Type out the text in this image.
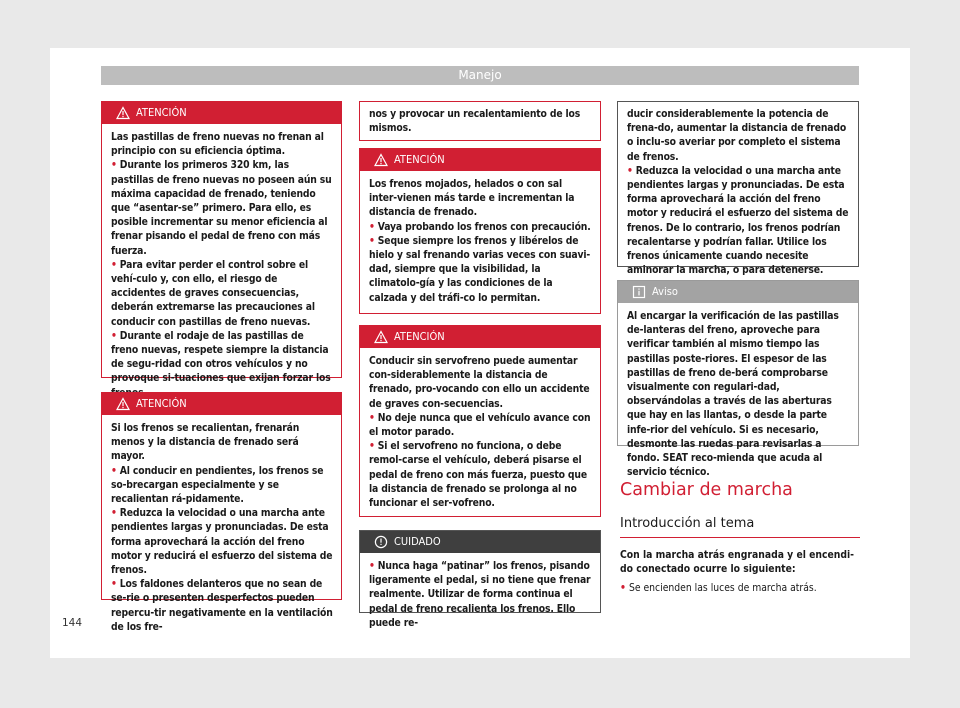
Manejo
ATENCIÓN

Las pastillas de freno nuevas no frenan al principio con su eficiencia óptima.

• Durante los primeros 320 km, las pastillas de freno nuevas no poseen aún su máxima capacidad de frenado, teniendo que “asentar-se” primero. Para ello, es posible incrementar su menor eficiencia al frenar pisando el pedal de freno con más fuerza.

• Para evitar perder el control sobre el vehí-culo y, con ello, el riesgo de accidentes de graves consecuencias, deberán extremarse las precauciones al conducir con pastillas de freno nuevas.

• Durante el rodaje de las pastillas de freno nuevas, respete siempre la distancia de segu-ridad con otros vehículos y no provoque si-tuaciones que exijan forzar los

ATENCIÓN

Si los frenos se recalientan, frenarán menos y la distancia de frenado será mayor.

• Al conducir en pendientes, los frenos se so-brecargan especialmente y se recalientan rá-pidamente.

• Reduzca la velocidad o una marcha ante pendientes largas y pronunciadas. De esta forma aprovechará la acción del freno motor y reducirá el esfuerzo del sistema de frenos.

• Los faldones delanteros que no sean de se-rie o presenten desperfectos pueden repercu-tir negativamente en la ventilación de los fre-

nos y provocar un recalentamiento de los mismos.

ATENCIÓN

Los frenos mojados, helados o con sal inter-vienen más tarde e incrementan la distancia de frenado.

• Vaya probando los frenos con precaución.

• Seque siempre los frenos y libérelos de hielo y sal frenando varias veces con suavi-dad, siempre que la visibilidad, la climatolo-gía y las condiciones de la calzada y del tráfi-co lo permitan.

ATENCIÓN

Conducir sin servofreno puede aumentar con-siderablemente la distancia de frenado, pro-vocando con ello un accidente de graves con-secuencias.

• No deje nunca que el vehículo avance con el motor parado.

• Si el servofreno no funciona, o debe remol-carse el vehículo, deberá pisarse el pedal de freno con más fuerza, puesto que la distancia de frenado se prolonga al no funcionar el ser-vofreno.

CUIDADO

• Nunca haga “patinar” los frenos, pisando ligeramente el pedal, si no tiene que frenar realmente. Utilizar de forma continua el pedal de freno recalienta los frenos. Ello puede re-

ducir considerablemente la potencia de frena-do, aumentar la distancia de frenado o inclu-so averiar por completo el sistema de frenos.

• Reduzca la velocidad o una marcha ante pendientes largas y pronunciadas. De esta forma aprovechará la acción del freno motor y reducirá el esfuerzo del sistema de frenos. De lo contrario, los frenos podrían recalentarse y podrían fallar. Utilice los frenos únicamente cuando necesite aminorar la marcha, o para detenerse.

Aviso

Al encargar la verificación de las pastillas de-lanteras del freno, aproveche para verificar también al mismo tiempo las pastillas poste-riores. El espesor de las pastillas de freno de-berá comprobarse visualmente con regulari-dad, observándolas a través de las aberturas que hay en las llantas, o desde la parte infe-rior del vehículo. Si es necesario, desmonte las ruedas para revisarlas a fondo. SEAT reco-mienda que acuda al servicio técnico.

Cambiar de marcha
Introducción al tema

Con la marcha atrás engranada y el encendi-do conectado ocurre lo siguiente:

• Se encienden las luces de marcha atrás.

144
